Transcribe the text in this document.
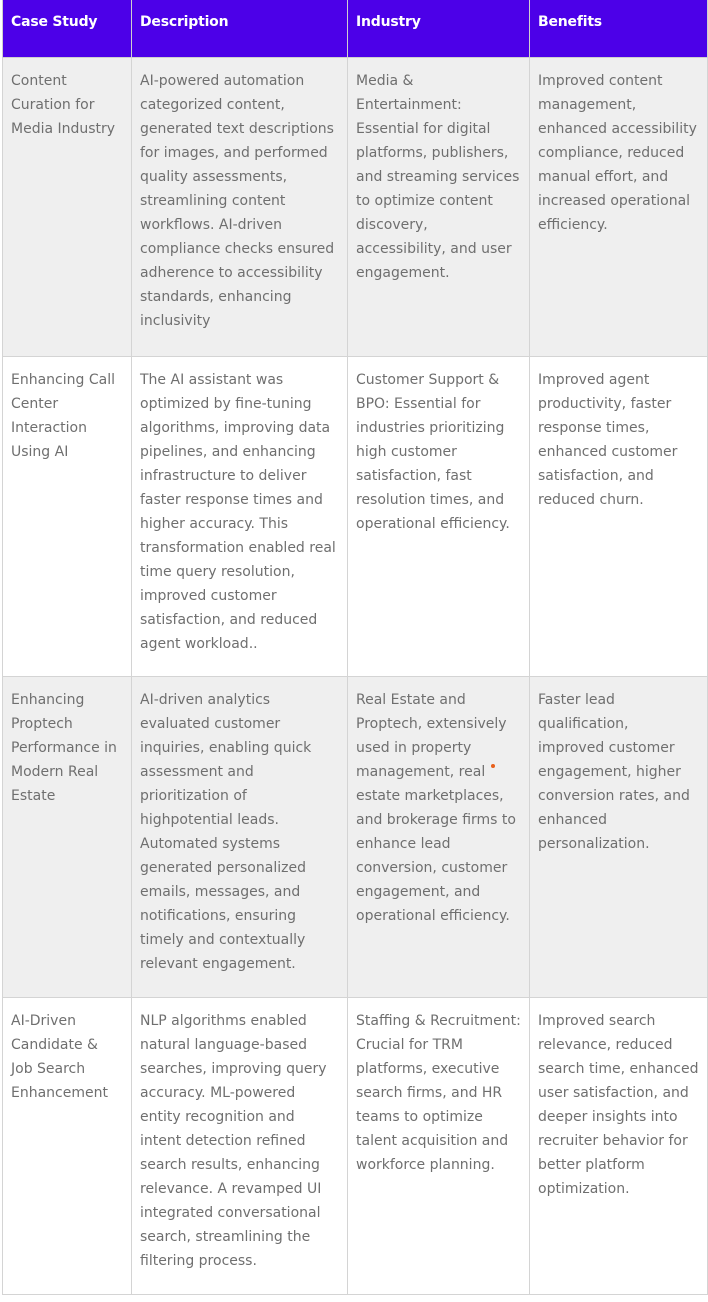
Case Study	Description	Industry	Benefits
Content Curation for Media Industry	AI-powered automation categorized content, generated text descriptions for images, and performed quality assessments, streamlining content workflows. AI-driven compliance checks ensured adherence to accessibility standards, enhancing inclusivity	Media & Entertainment: Essential for digital platforms, publishers, and streaming services to optimize content discovery, accessibility, and user engagement.	Improved content management, enhanced accessibility compliance, reduced manual effort, and increased operational efficiency.
Enhancing Call Center Interaction Using AI	The AI assistant was optimized by fine-tuning algorithms, improving data pipelines, and enhancing infrastructure to deliver faster response times and higher accuracy. This transformation enabled real time query resolution, improved customer satisfaction, and reduced agent workload..	Customer Support & BPO: Essential for industries prioritizing high customer satisfaction, fast resolution times, and operational efficiency.	Improved agent productivity, faster response times, enhanced customer satisfaction, and reduced churn.
Enhancing Proptech Performance in Modern Real Estate	AI-driven analytics evaluated customer inquiries, enabling quick assessment and prioritization of highpotential leads. Automated systems generated personalized emails, messages, and notifications, ensuring timely and contextually relevant engagement.	Real Estate and Proptech, extensively used in property management, real estate marketplaces, and brokerage firms to enhance lead conversion, customer engagement, and operational efficiency.	Faster lead qualification, improved customer engagement, higher conversion rates, and enhanced personalization.
AI-Driven Candidate & Job Search Enhancement	NLP algorithms enabled natural language-based searches, improving query accuracy. ML-powered entity recognition and intent detection refined search results, enhancing relevance. A revamped UI integrated conversational search, streamlining the filtering process.	Staffing & Recruitment: Crucial for TRM platforms, executive search firms, and HR teams to optimize talent acquisition and workforce planning.	Improved search relevance, reduced search time, enhanced user satisfaction, and deeper insights into recruiter behavior for better platform optimization.
